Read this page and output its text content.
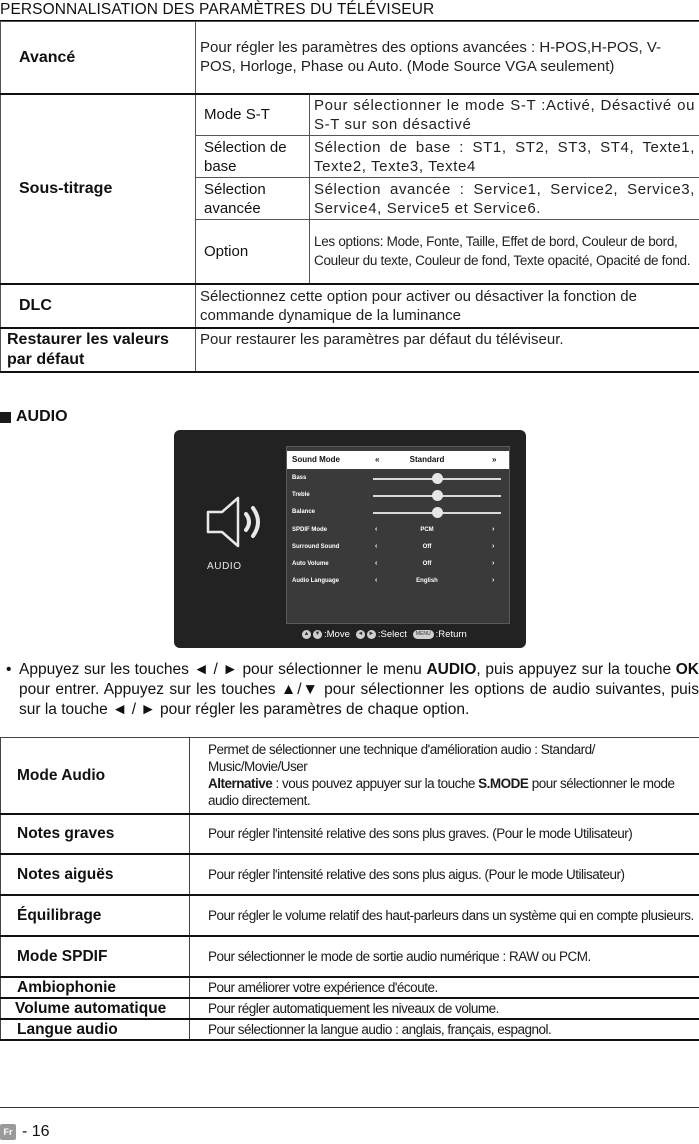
PERSONNALISATION DES PARAMÈTRES DU TÉLÉVISEUR
Avancé	Pour régler les paramètres des options avancées : H-POS,H-POS, V-POS, Horloge, Phase ou Auto. (Mode Source VGA seulement)	
Sous-titrage	Mode S-T	Pour sélectionner le mode S-T :Activé, Désactivé ou S-T sur son désactivé
	Sélection de base	Sélection de base : ST1, ST2, ST3, ST4, Texte1, Texte2, Texte3, Texte4
	Sélection avancée	Sélection avancée : Service1, Service2, Service3, Service4, Service5 et Service6.
	Option	Les options: Mode, Fonte, Taille, Effet de bord, Couleur de bord, Couleur du texte, Couleur de fond, Texte opacité, Opacité de fond.
DLC	Sélectionnez cette option pour activer ou désactiver la fonction de commande dynamique de la luminance	
Restaurer les valeurs par défaut	Pour restaurer les paramètres par défaut du téléviseur.	
AUDIO
AUDIO
Sound Mode	«	Standard	»
Bass
Treble
Balance
SPDIF Mode	‹	PCM	›
Surround Sound	‹	Off	›
Auto Volume	‹	Off	›
Audio Language	‹	English	›
▲ ▼ :Move ◄ ► :Select	MENU :Return
• Appuyez sur les touches ◄ / ► pour sélectionner le menu AUDIO, puis appuyez sur la touche OK pour entrer. Appuyez sur les touches ▲/▼ pour sélectionner les options de audio suivantes, puis sur la touche ◄ / ► pour régler les paramètres de chaque option.
Mode Audio	Permet de sélectionner une technique d'amélioration audio : Standard/ Music/Movie/User
Alternative : vous pouvez appuyer sur la touche S.MODE pour sélectionner le mode audio directement.
Notes graves	Pour régler l'intensité relative des sons plus graves. (Pour le mode Utilisateur)
Notes aiguës	Pour régler l'intensité relative des sons plus aigus. (Pour le mode Utilisateur)
Équilibrage	Pour régler le volume relatif des haut-parleurs dans un système qui en compte plusieurs.
Mode SPDIF	Pour sélectionner le mode de sortie audio numérique : RAW ou PCM.
Ambiophonie	Pour améliorer votre expérience d'écoute.
Volume automatique	Pour régler automatiquement les niveaux de volume.
Langue audio	Pour sélectionner la langue audio : anglais, français, espagnol.
Fr - 16
